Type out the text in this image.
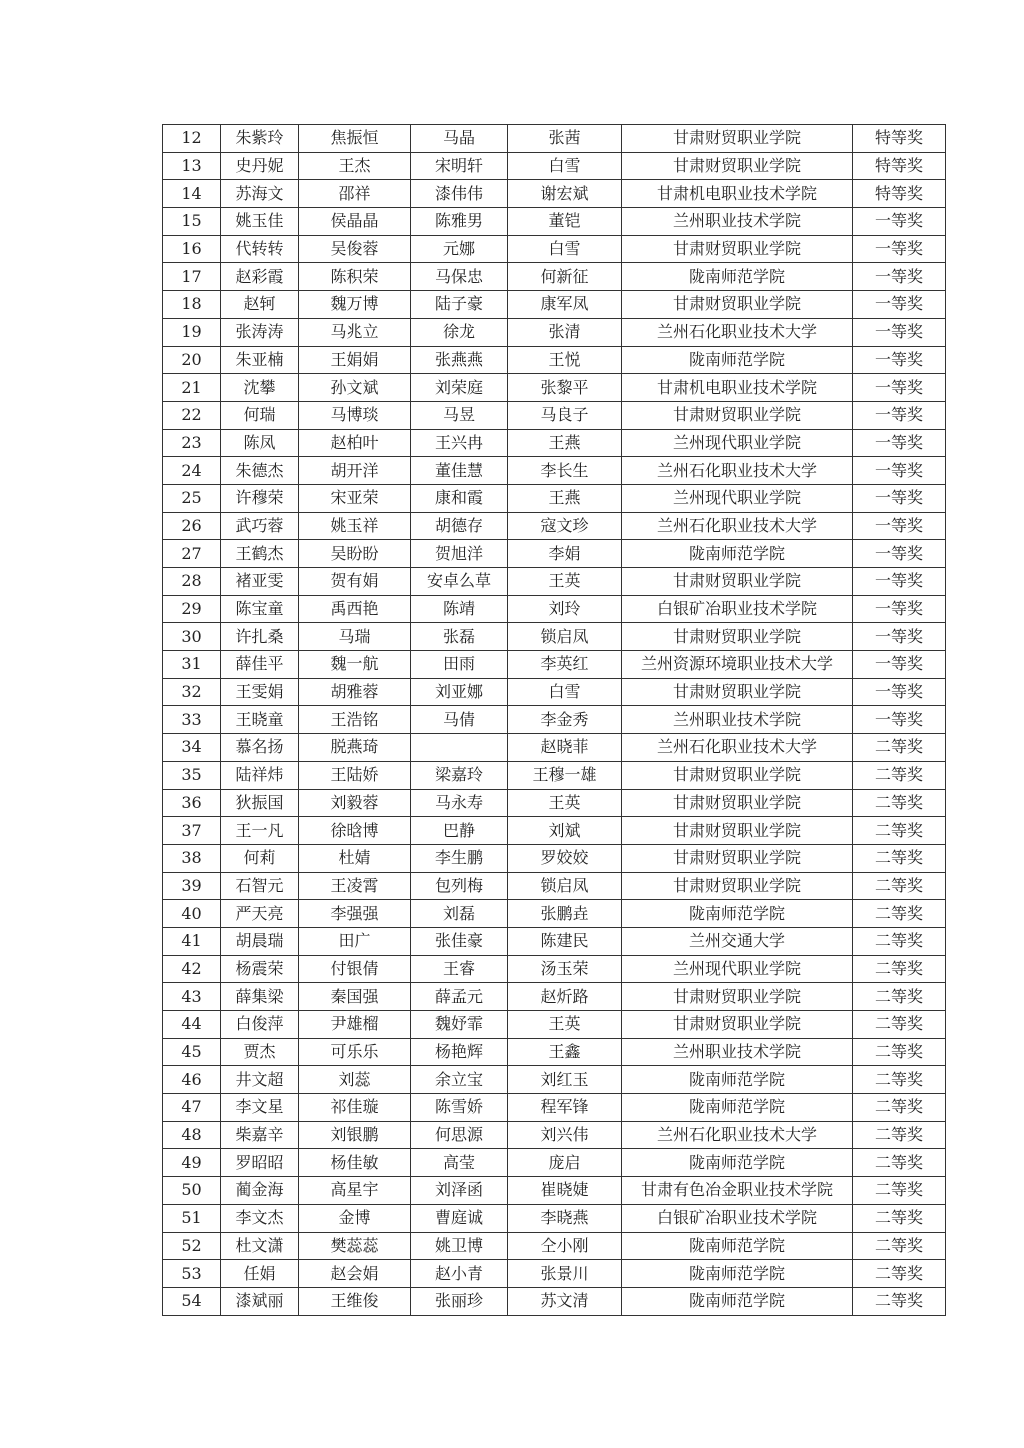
12	朱紫玲	焦振恒	马晶	张茜	甘肃财贸职业学院	特等奖
13	史丹妮	王杰	宋明轩	白雪	甘肃财贸职业学院	特等奖
14	苏海文	邵祥	漆伟伟	谢宏斌	甘肃机电职业技术学院	特等奖
15	姚玉佳	侯晶晶	陈雅男	董铠	兰州职业技术学院	一等奖
16	代转转	吴俊蓉	元娜	白雪	甘肃财贸职业学院	一等奖
17	赵彩霞	陈积荣	马保忠	何新征	陇南师范学院	一等奖
18	赵轲	魏万博	陆子豪	康军凤	甘肃财贸职业学院	一等奖
19	张涛涛	马兆立	徐龙	张清	兰州石化职业技术大学	一等奖
20	朱亚楠	王娟娟	张燕燕	王悦	陇南师范学院	一等奖
21	沈攀	孙文斌	刘荣庭	张黎平	甘肃机电职业技术学院	一等奖
22	何瑞	马博琰	马昱	马良子	甘肃财贸职业学院	一等奖
23	陈凤	赵柏叶	王兴冉	王燕	兰州现代职业学院	一等奖
24	朱德杰	胡开洋	董佳慧	李长生	兰州石化职业技术大学	一等奖
25	许穆荣	宋亚荣	康和霞	王燕	兰州现代职业学院	一等奖
26	武巧蓉	姚玉祥	胡德存	寇文珍	兰州石化职业技术大学	一等奖
27	王鹤杰	吴盼盼	贺旭洋	李娟	陇南师范学院	一等奖
28	褚亚雯	贺有娟	安卓么草	王英	甘肃财贸职业学院	一等奖
29	陈宝童	禹西艳	陈靖	刘玲	白银矿冶职业技术学院	一等奖
30	许扎桑	马瑞	张磊	锁启凤	甘肃财贸职业学院	一等奖
31	薛佳平	魏一航	田雨	李英红	兰州资源环境职业技术大学	一等奖
32	王雯娟	胡雅蓉	刘亚娜	白雪	甘肃财贸职业学院	一等奖
33	王晓童	王浩铭	马倩	李金秀	兰州职业技术学院	一等奖
34	慕名扬	脱燕琦		赵晓菲	兰州石化职业技术大学	二等奖
35	陆祥炜	王陆娇	梁嘉玲	王穆一雄	甘肃财贸职业学院	二等奖
36	狄振国	刘毅蓉	马永寿	王英	甘肃财贸职业学院	二等奖
37	王一凡	徐晗博	巴静	刘斌	甘肃财贸职业学院	二等奖
38	何莉	杜婧	李生鹏	罗姣姣	甘肃财贸职业学院	二等奖
39	石智元	王凌霄	包列梅	锁启凤	甘肃财贸职业学院	二等奖
40	严天亮	李强强	刘磊	张鹏垚	陇南师范学院	二等奖
41	胡晨瑞	田广	张佳豪	陈建民	兰州交通大学	二等奖
42	杨震荣	付银倩	王睿	汤玉荣	兰州现代职业学院	二等奖
43	薛集梁	秦国强	薛孟元	赵炘路	甘肃财贸职业学院	二等奖
44	白俊萍	尹雄榴	魏妤霏	王英	甘肃财贸职业学院	二等奖
45	贾杰	可乐乐	杨艳辉	王鑫	兰州职业技术学院	二等奖
46	井文超	刘蕊	余立宝	刘红玉	陇南师范学院	二等奖
47	李文星	祁佳璇	陈雪娇	程军锋	陇南师范学院	二等奖
48	柴嘉辛	刘银鹏	何思源	刘兴伟	兰州石化职业技术大学	二等奖
49	罗昭昭	杨佳敏	高莹	庞启	陇南师范学院	二等奖
50	蔺金海	高星宇	刘泽函	崔晓婕	甘肃有色冶金职业技术学院	二等奖
51	李文杰	金博	曹庭诚	李晓燕	白银矿冶职业技术学院	二等奖
52	杜文潇	樊蕊蕊	姚卫博	仝小刚	陇南师范学院	二等奖
53	任娟	赵会娟	赵小青	张景川	陇南师范学院	二等奖
54	漆斌丽	王维俊	张丽珍	苏文清	陇南师范学院	二等奖
